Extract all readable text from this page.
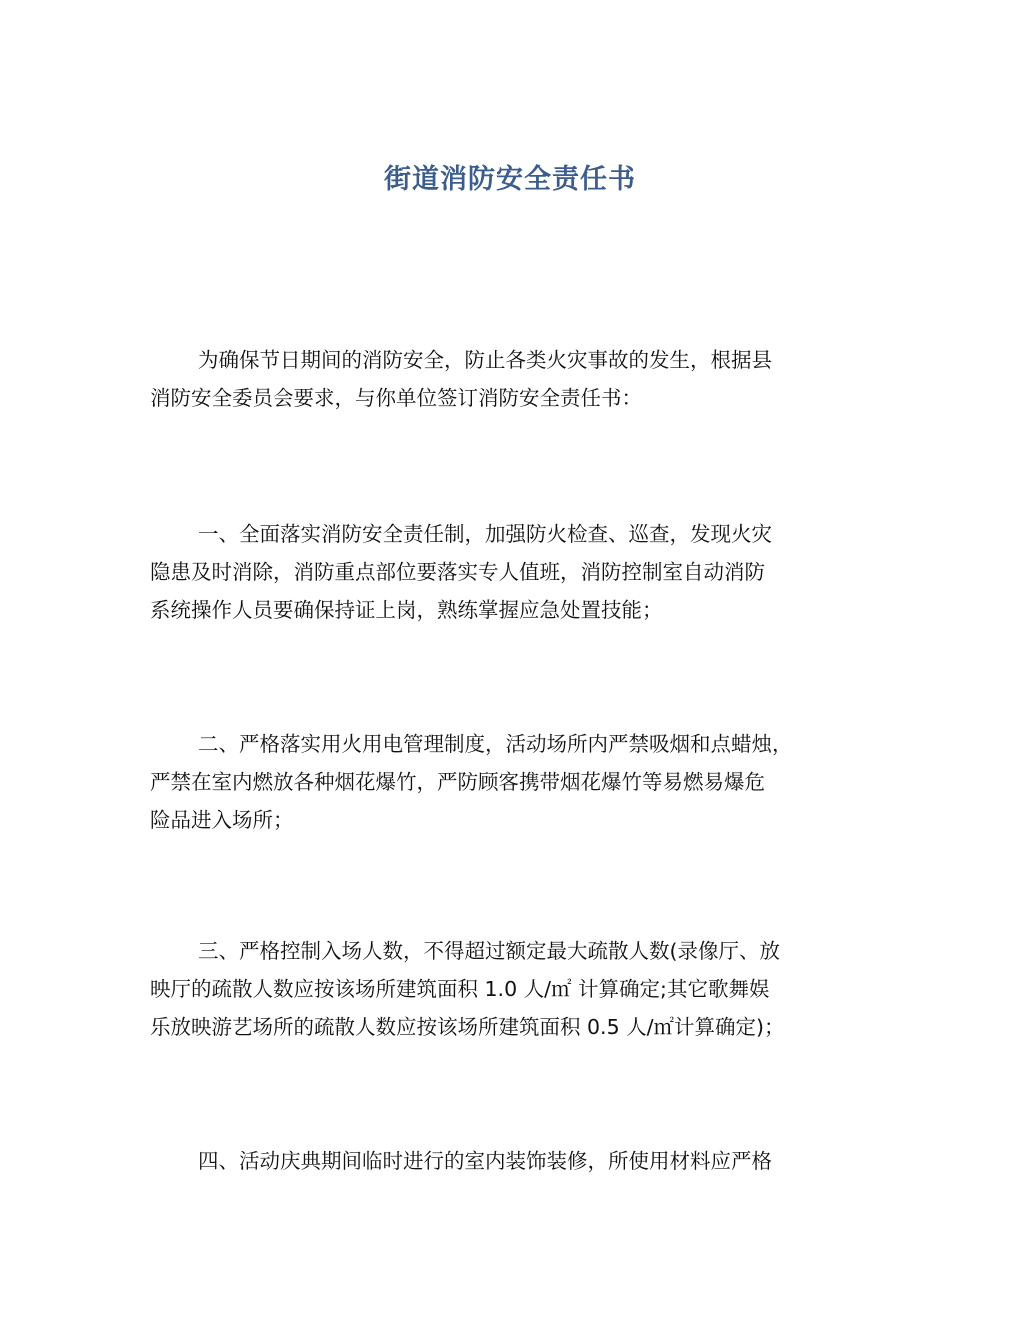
街道消防安全责任书

为确保节日期间的消防安全，防止各类火灾事故的发生，根据县
消防安全委员会要求，与你单位签订消防安全责任书：

一、全面落实消防安全责任制，加强防火检查、巡查，发现火灾
隐患及时消除，消防重点部位要落实专人值班，消防控制室自动消防
系统操作人员要确保持证上岗，熟练掌握应急处置技能；

二、严格落实用火用电管理制度，活动场所内严禁吸烟和点蜡烛，
严禁在室内燃放各种烟花爆竹，严防顾客携带烟花爆竹等易燃易爆危
险品进入场所；

三、严格控制入场人数，不得超过额定最大疏散人数(录像厅、放
映厅的疏散人数应按该场所建筑面积 1.0 人/㎡ 计算确定;其它歌舞娱
乐放映游艺场所的疏散人数应按该场所建筑面积 0.5 人/㎡计算确定)；

四、活动庆典期间临时进行的室内装饰装修，所使用材料应严格
